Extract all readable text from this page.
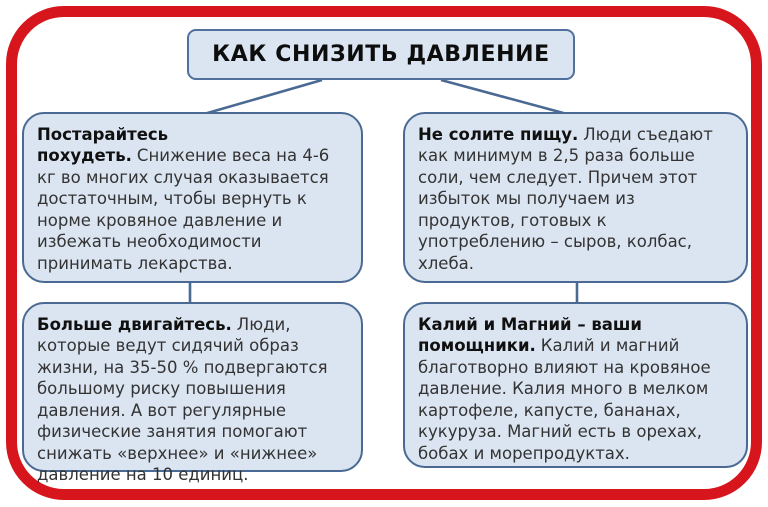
КАК СНИЗИТЬ ДАВЛЕНИЕ
Постарайтесь похудеть. Снижение веса на 4-6 кг во многих случая оказывается достаточным, чтобы вернуть к норме кровяное давление и избежать необходимости принимать лекарства.
Не солите пищу. Люди съедают как минимум в 2,5 раза больше соли, чем следует. Причем этот избыток мы получаем из продуктов, готовых к употреблению – сыров, колбас, хлеба.
Больше двигайтесь. Люди, которые ведут сидячий образ жизни, на 35-50 % подвергаются большому риску повышения давления. А вот регулярные физические занятия помогают снижать «верхнее» и «нижнее» давление на 10 единиц.
Калий и Магний – ваши помощники. Калий и магний благотворно влияют на кровяное давление. Калия много в мелком картофеле, капусте, бананах, кукуруза. Магний есть в орехах, бобах и морепродуктах.
